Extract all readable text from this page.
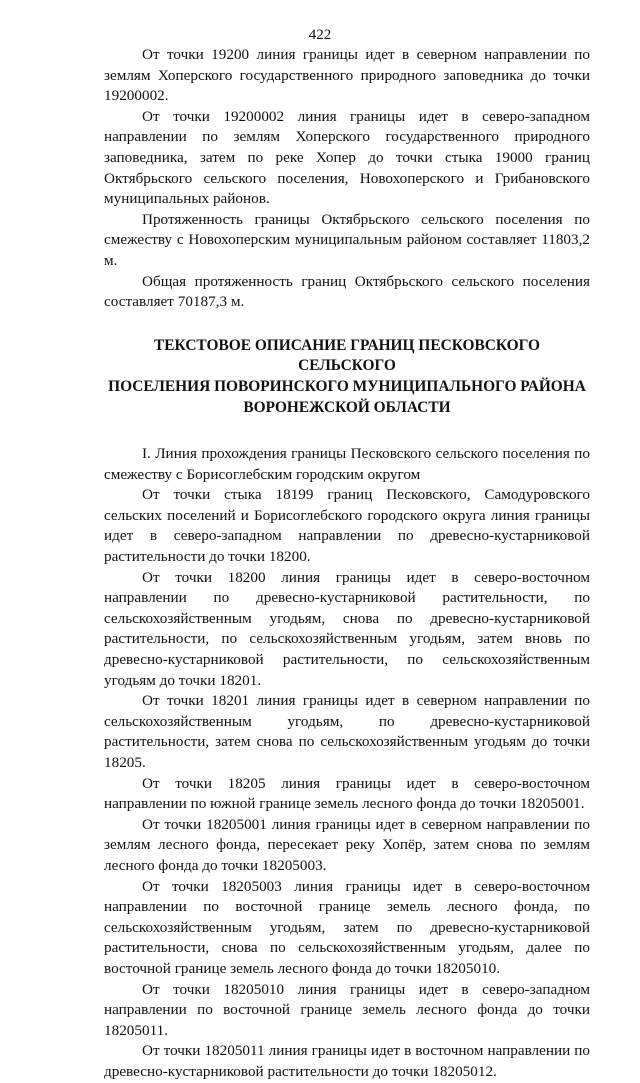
422

От точки 19200 линия границы идет в северном направлении по землям Хоперского государственного природного заповедника до точки 19200002.

От точки 19200002 линия границы идет в северо-западном направлении по землям Хоперского государственного природного заповедника, затем по реке Хопер до точки стыка 19000 границ Октябрьского сельского поселения, Новохоперского и Грибановского муниципальных районов.

Протяженность границы Октябрьского сельского поселения по смежеству с Новохоперским муниципальным районом составляет 11803,2 м.

Общая протяженность границ Октябрьского сельского поселения составляет 70187,3 м.

ТЕКСТОВОЕ ОПИСАНИЕ ГРАНИЦ ПЕСКОВСКОГО СЕЛЬСКОГО
ПОСЕЛЕНИЯ ПОВОРИНСКОГО МУНИЦИПАЛЬНОГО РАЙОНА
ВОРОНЕЖСКОЙ ОБЛАСТИ

I. Линия прохождения границы Песковского сельского поселения по смежеству с Борисоглебским городским округом

От точки стыка 18199 границ Песковского, Самодуровского сельских поселений и Борисоглебского городского округа линия границы идет в северо-западном направлении по древесно-кустарниковой растительности до точки 18200.

От точки 18200 линия границы идет в северо-восточном направлении по древесно-кустарниковой растительности, по сельскохозяйственным угодьям, снова по древесно-кустарниковой растительности, по сельскохозяйственным угодьям, затем вновь по древесно-кустарниковой растительности, по сельскохозяйственным угодьям до точки 18201.

От точки 18201 линия границы идет в северном направлении по сельскохозяйственным угодьям, по древесно-кустарниковой растительности, затем снова по сельскохозяйственным угодьям до точки 18205.

От точки 18205 линия границы идет в северо-восточном направлении по южной границе земель лесного фонда до точки 18205001.

От точки 18205001 линия границы идет в северном направлении по землям лесного фонда, пересекает реку Хопёр, затем снова по землям лесного фонда до точки 18205003.

От точки 18205003 линия границы идет в северо-восточном направлении по восточной границе земель лесного фонда, по сельскохозяйственным угодьям, затем по древесно-кустарниковой растительности, снова по сельскохозяйственным угодьям, далее по восточной границе земель лесного фонда до точки 18205010.

От точки 18205010 линия границы идет в северо-западном направлении по восточной границе земель лесного фонда до точки 18205011.

От точки 18205011 линия границы идет в восточном направлении по древесно-кустарниковой растительности до точки 18205012.
